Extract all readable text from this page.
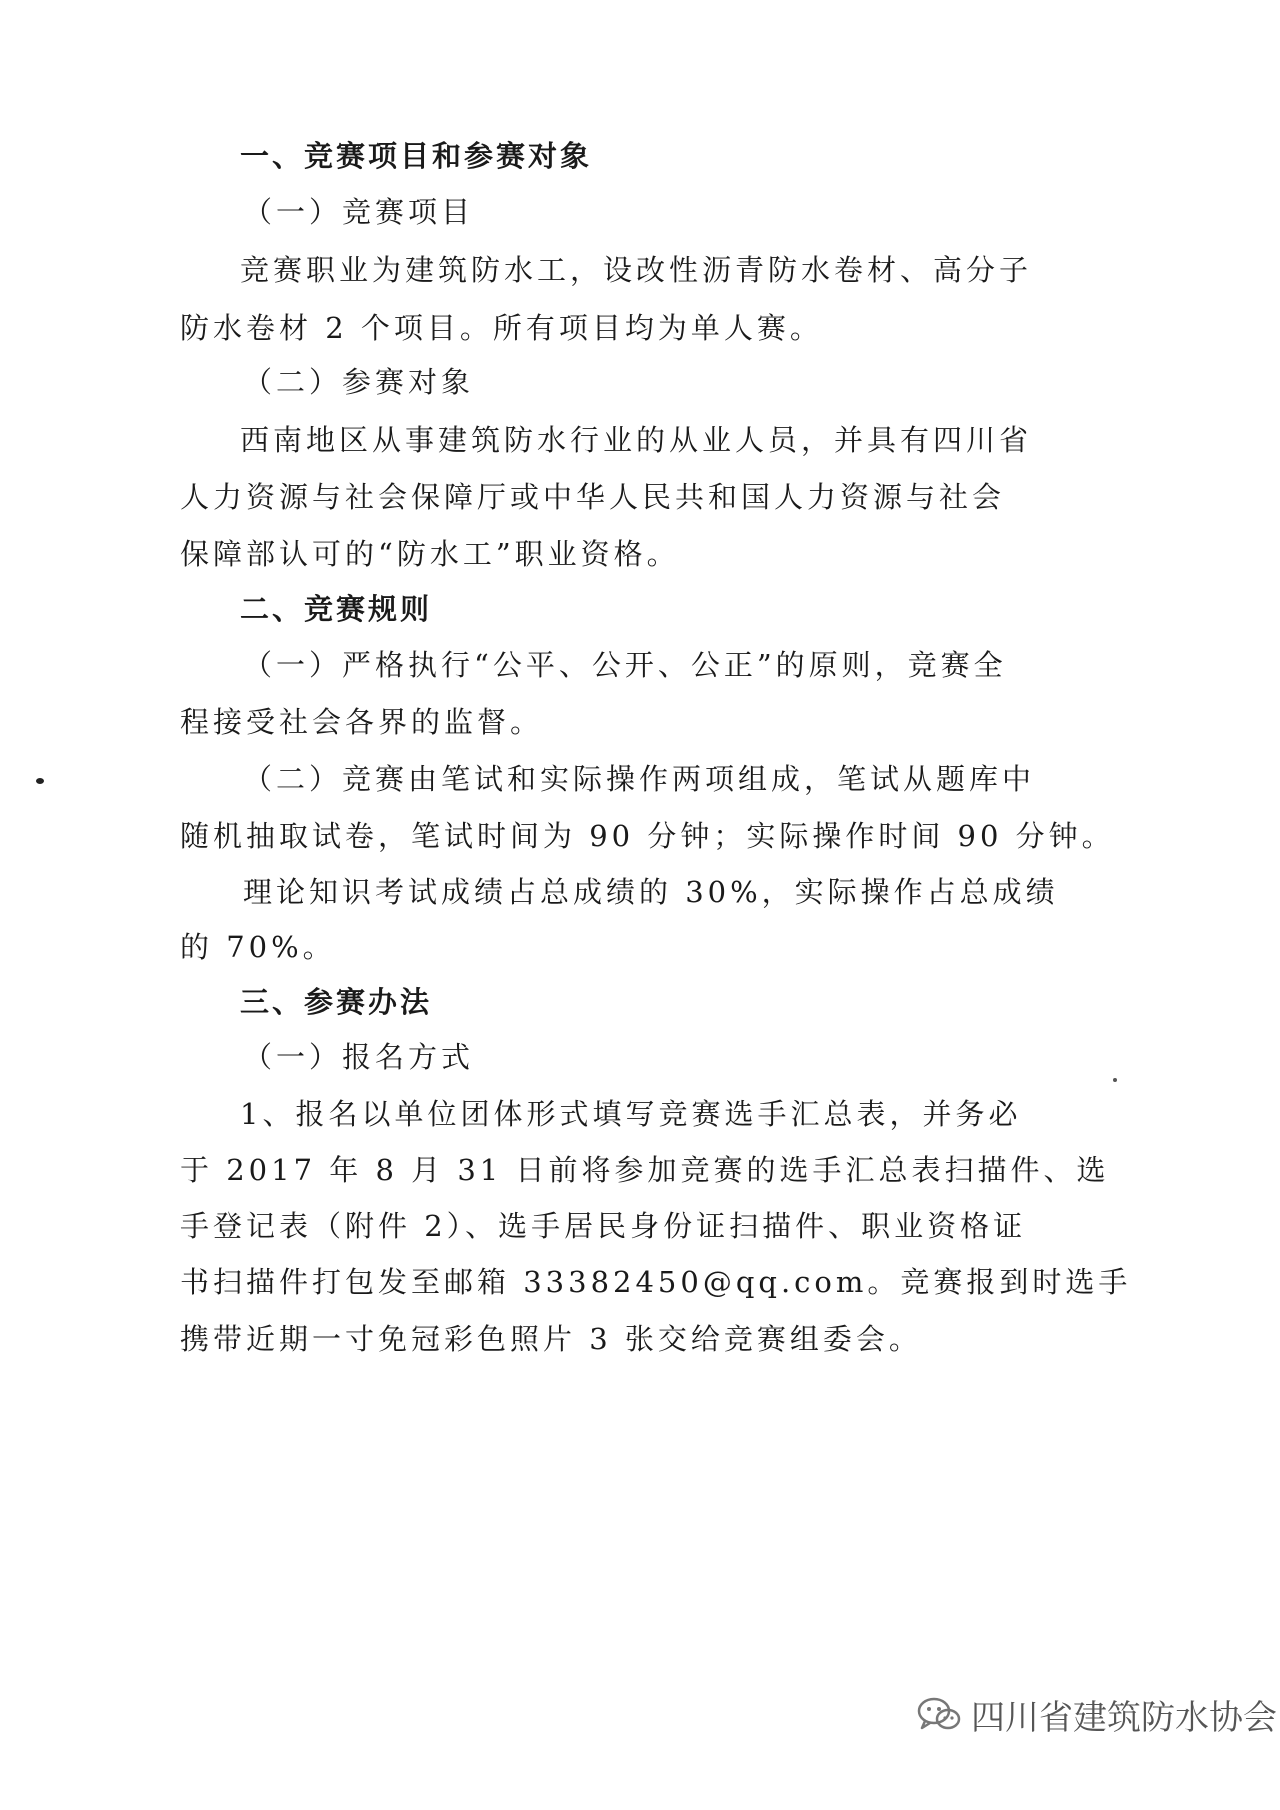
一、竞赛项目和参赛对象
（一）竞赛项目
竞赛职业为建筑防水工，设改性沥青防水卷材、高分子
防水卷材 2 个项目。所有项目均为单人赛。
（二）参赛对象
西南地区从事建筑防水行业的从业人员，并具有四川省
人力资源与社会保障厅或中华人民共和国人力资源与社会
保障部认可的“防水工”职业资格。
二、竞赛规则
（一）严格执行“公平、公开、公正”的原则，竞赛全
程接受社会各界的监督。
（二）竞赛由笔试和实际操作两项组成，笔试从题库中
随机抽取试卷，笔试时间为 90 分钟；实际操作时间 90 分钟。
理论知识考试成绩占总成绩的 30%，实际操作占总成绩
的 70%。
三、参赛办法
（一）报名方式
1、报名以单位团体形式填写竞赛选手汇总表，并务必
于 2017 年 8 月 31 日前将参加竞赛的选手汇总表扫描件、选
手登记表（附件 2）、选手居民身份证扫描件、职业资格证
书扫描件打包发至邮箱 33382450@qq.com。竞赛报到时选手
携带近期一寸免冠彩色照片 3 张交给竞赛组委会。
四川省建筑防水协会
